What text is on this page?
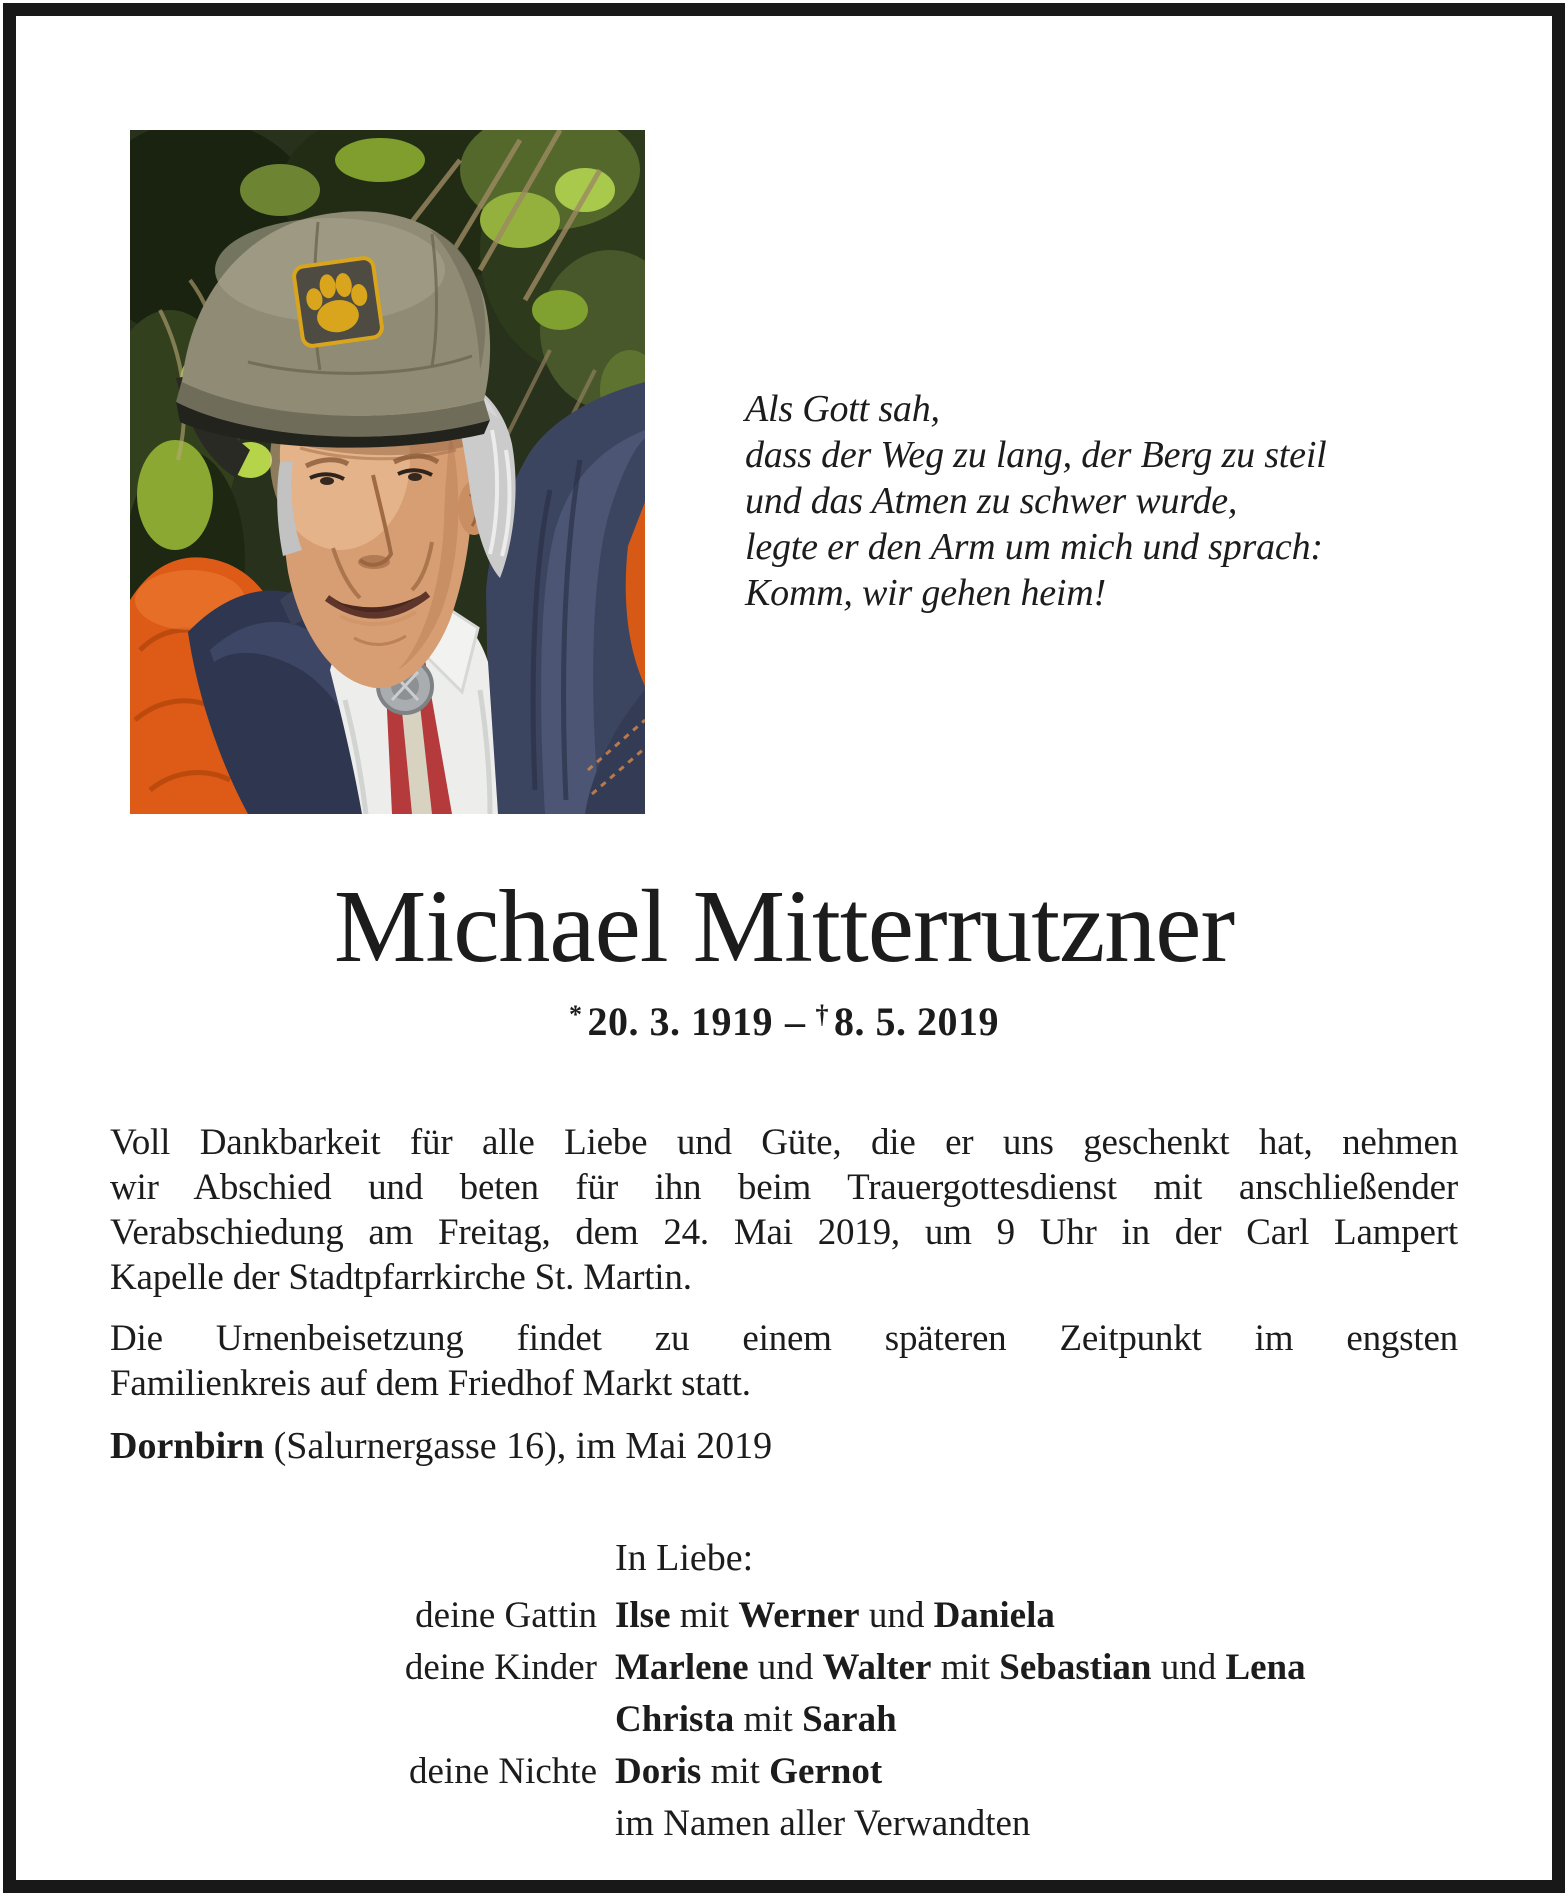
Als Gott sah,
dass der Weg zu lang, der Berg zu steil
und das Atmen zu schwer wurde,
legte er den Arm um mich und sprach:
Komm, wir gehen heim!
Michael Mitterrutzner
* 20. 3. 1919 – † 8. 5. 2019
Voll Dankbarkeit für alle Liebe und Güte, die er uns geschenkt hat, nehmen
wir Abschied und beten für ihn beim Trauergottesdienst mit anschließender
Verabschiedung am Freitag, dem 24. Mai 2019, um 9 Uhr in der Carl Lampert
Kapelle der Stadtpfarrkirche St. Martin.
Die Urnenbeisetzung findet zu einem späteren Zeitpunkt im engsten
Familienkreis auf dem Friedhof Markt statt.
Dornbirn (Salurnergasse 16), im Mai 2019
In Liebe:
deine Gattin Ilse mit Werner und Daniela
deine Kinder Marlene und Walter mit Sebastian und Lena
Christa mit Sarah
deine Nichte Doris mit Gernot
im Namen aller Verwandten
